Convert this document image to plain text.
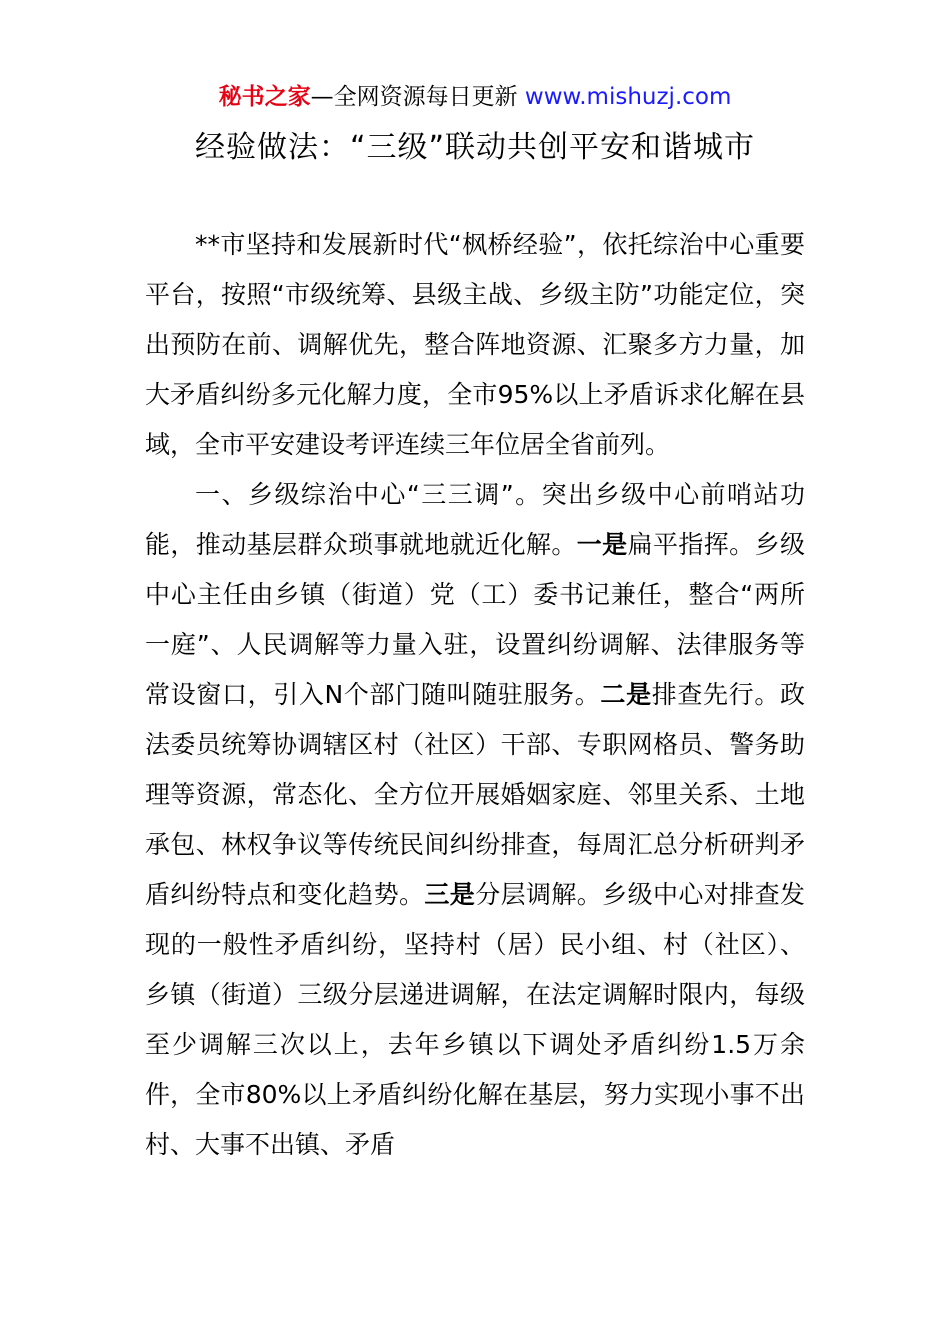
秘书之家—全网资源每日更新 www.mishuzj.com
经验做法：“三级”联动共创平安和谐城市

**市坚持和发展新时代“枫桥经验”，依托综治中心重要平台，按照“市级统筹、县级主战、乡级主防”功能定位，突出预防在前、调解优先，整合阵地资源、汇聚多方力量，加大矛盾纠纷多元化解力度，全市95%以上矛盾诉求化解在县域，全市平安建设考评连续三年位居全省前列。

一、乡级综治中心“三三调”。突出乡级中心前哨站功能，推动基层群众琐事就地就近化解。一是扁平指挥。乡级中心主任由乡镇（街道）党（工）委书记兼任，整合“两所一庭”、人民调解等力量入驻，设置纠纷调解、法律服务等常设窗口，引入N个部门随叫随驻服务。二是排查先行。政法委员统筹协调辖区村（社区）干部、专职网格员、警务助理等资源，常态化、全方位开展婚姻家庭、邻里关系、土地承包、林权争议等传统民间纠纷排查，每周汇总分析研判矛盾纠纷特点和变化趋势。三是分层调解。乡级中心对排查发现的一般性矛盾纠纷，坚持村（居）民小组、村（社区）、乡镇（街道）三级分层递进调解，在法定调解时限内，每级至少调解三次以上，去年乡镇以下调处矛盾纠纷1.5万余件，全市80%以上矛盾纠纷化解在基层，努力实现小事不出村、大事不出镇、矛盾
